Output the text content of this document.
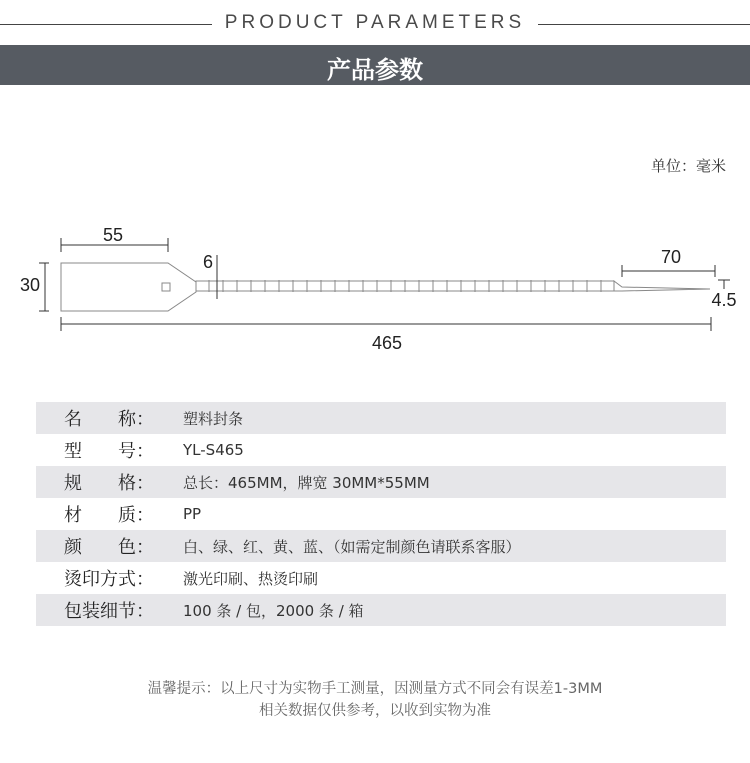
PRODUCT PARAMETERS
产品参数
单位：毫米
55
30
6	70
4.5
465
名　　称：	塑料封条
型　　号：	YL-S465
规　　格：	总长：465MM，牌宽 30MM*55MM
材　　质：	PP
颜　　色：	白、绿、红、黄、蓝、（如需定制颜色请联系客服）
烫印方式：	激光印刷、热烫印刷
包装细节：	100 条 / 包，2000 条 / 箱
温馨提示：以上尺寸为实物手工测量，因测量方式不同会有误差1-3MM
相关数据仅供参考，以收到实物为准
